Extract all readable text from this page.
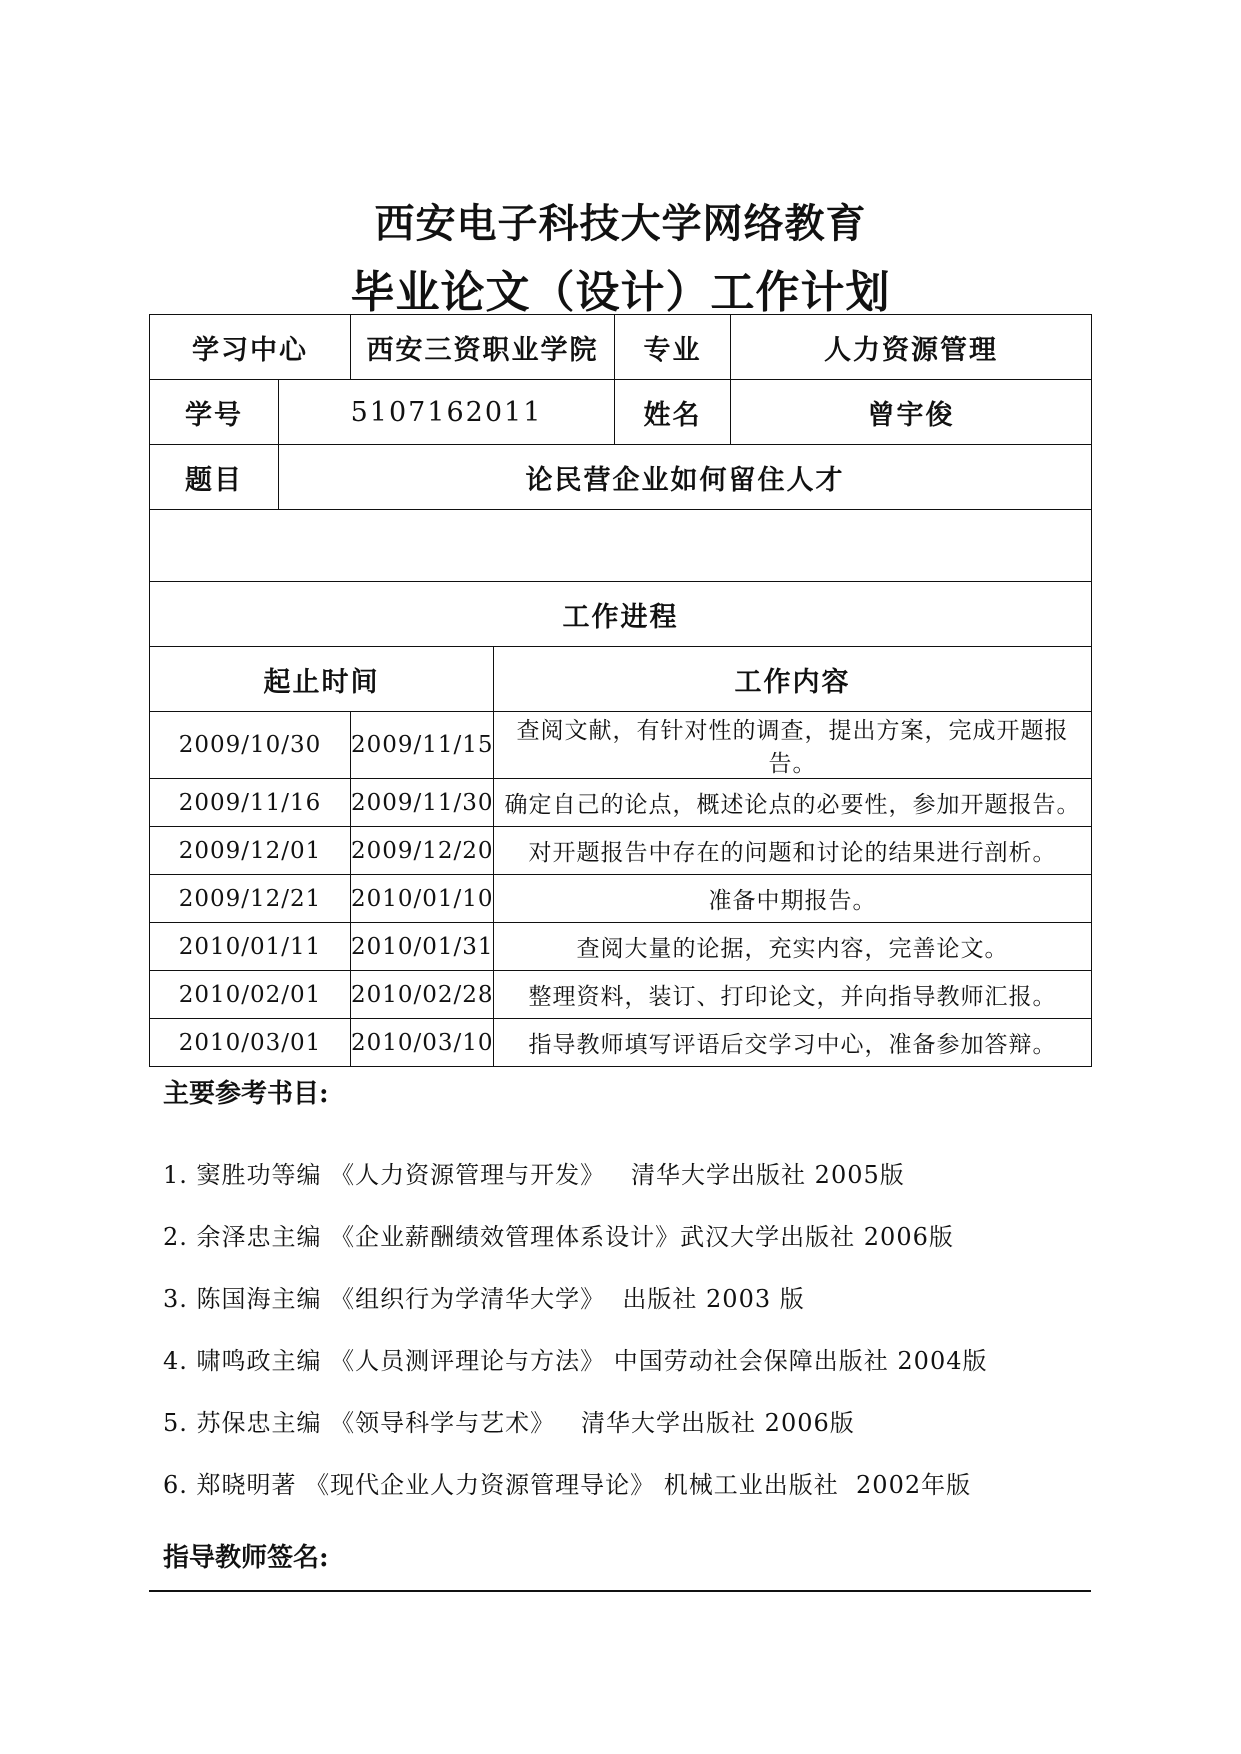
西安电子科技大学网络教育
毕业论文（设计）工作计划
学习中心		西安三资职业学院		专业	人力资源管理
学号	5107162011			姓名	曾宇俊
题目	论民营企业如何留住人才				

工作进程					
起止时间			工作内容		
2009/10/30		2009/11/15	查阅文献，有针对性的调查，提出方案，完成开题报告。		
2009/11/16		2009/11/30	确定自己的论点，概述论点的必要性，参加开题报告。		
2009/12/01		2009/12/20	对开题报告中存在的问题和讨论的结果进行剖析。		
2009/12/21		2010/01/10	准备中期报告。		
2010/01/11		2010/01/31	查阅大量的论据，充实内容，完善论文。		
2010/02/01		2010/02/28	整理资料，装订、打印论文，并向指导教师汇报。		
2010/03/01		2010/03/10	指导教师填写评语后交学习中心，准备参加答辩。		
主要参考书目:
1. 窦胜功等编 《人力资源管理与开发》   清华大学出版社 2005版
2. 余泽忠主编 《企业薪酬绩效管理体系设计》武汉大学出版社 2006版
3. 陈国海主编 《组织行为学清华大学》  出版社 2003 版
4. 啸鸣政主编 《人员测评理论与方法》 中国劳动社会保障出版社 2004版
5. 苏保忠主编 《领导科学与艺术》   清华大学出版社 2006版
6. 郑晓明著 《现代企业人力资源管理导论》 机械工业出版社  2002年版
指导教师签名:
